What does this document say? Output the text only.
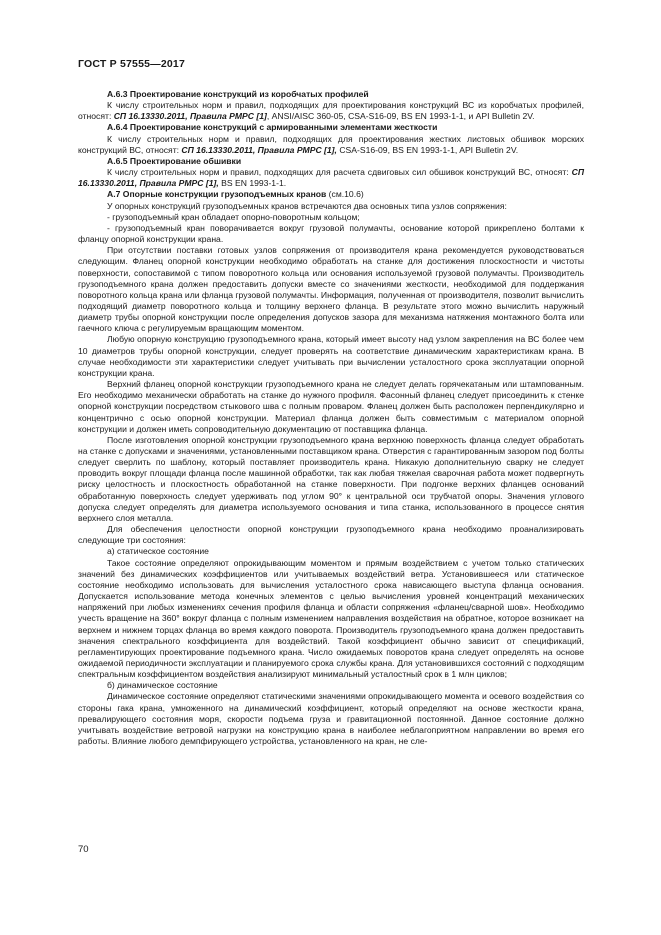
ГОСТ Р 57555—2017

А.6.3 Проектирование конструкций из коробчатых профилей

К числу строительных норм и правил, подходящих для проектирования конструкций ВС из коробчатых профилей, относят: СП 16.13330.2011, Правила РМРС [1], ANSI/AISC 360-05, CSA-S16-09, BS EN 1993-1-1, и API Bulletin 2V.

А.6.4 Проектирование конструкций с армированными элементами жесткости

К числу строительных норм и правил, подходящих для проектирования жестких листовых обшивок морских конструкций ВС, относят: СП 16.13330.2011, Правила РМРС [1], CSA-S16-09, BS EN 1993-1-1, API Bulletin 2V.

А.6.5 Проектирование обшивки

К числу строительных норм и правил, подходящих для расчета сдвиговых сил обшивок конструкций ВС, относят: СП 16.13330.2011, Правила РМРС [1], BS EN 1993-1-1.

А.7 Опорные конструкции грузоподъемных кранов (см.10.6)

У опорных конструкций грузоподъемных кранов встречаются два основных типа узлов сопряжения:

- грузоподъемный кран обладает опорно-поворотным кольцом;

- грузоподъемный кран поворачивается вокруг грузовой полумачты, основание которой прикреплено болтами к фланцу опорной конструкции крана.

При отсутствии поставки готовых узлов сопряжения от производителя крана рекомендуется руководствоваться следующим. Фланец опорной конструкции необходимо обработать на станке для достижения плоскостности и чистоты поверхности, сопоставимой с типом поворотного кольца или основания используемой грузовой полумачты. Производитель грузоподъемного крана должен предоставить допуски вместе со значениями жесткости, необходимой для поддержания поворотного кольца крана или фланца грузовой полумачты. Информация, полученная от производителя, позволит вычислить подходящий диаметр поворотного кольца и толщину верхнего фланца. В результате этого можно вычислить наружный диаметр трубы опорной конструкции после определения допусков зазора для механизма натяжения монтажного болта или гаечного ключа с регулируемым вращающим моментом.

Любую опорную конструкцию грузоподъемного крана, который имеет высоту над узлом закрепления на ВС более чем 10 диаметров трубы опорной конструкции, следует проверять на соответствие динамическим характеристикам крана. В случае необходимости эти характеристики следует учитывать при вычислении усталостного срока эксплуатации опорной конструкции крана.

Верхний фланец опорной конструкции грузоподъемного крана не следует делать горячекатаным или штампованным. Его необходимо механически обработать на станке до нужного профиля. Фасонный фланец следует присоединить к стенке опорной конструкции посредством стыкового шва с полным проваром. Фланец должен быть расположен перпендикулярно и концентрично с осью опорной конструкции. Материал фланца должен быть совместимым с материалом опорной конструкции и должен иметь сопроводительную документацию от поставщика фланца.

После изготовления опорной конструкции грузоподъемного крана верхнюю поверхность фланца следует обработать на станке с допусками и значениями, установленными поставщиком крана. Отверстия с гарантированным зазором под болты следует сверлить по шаблону, который поставляет производитель крана. Никакую дополнительную сварку не следует проводить вокруг площади фланца после машинной обработки, так как любая тяжелая сварочная работа может подвергнуть риску целостность и плоскостность обработанной на станке поверхности. При подгонке верхних фланцев оснований обработанную поверхность следует удерживать под углом 90° к центральной оси трубчатой опоры. Значения углового допуска следует определять для диаметра используемого основания и типа станка, использованного в процессе снятия верхнего слоя металла.

Для обеспечения целостности опорной конструкции грузоподъемного крана необходимо проанализировать следующие три состояния:

а) статическое состояние

Такое состояние определяют опрокидывающим моментом и прямым воздействием с учетом только статических значений без динамических коэффициентов или учитываемых воздействий ветра. Установившееся или статическое состояние необходимо использовать для вычисления усталостного срока нависающего выступа фланца основания. Допускается использование метода конечных элементов с целью вычисления уровней концентраций механических напряжений при любых изменениях сечения профиля фланца и области сопряжения «фланец/сварной шов». Необходимо учесть вращение на 360° вокруг фланца с полным изменением направления воздействия на обратное, которое возникает на верхнем и нижнем торцах фланца во время каждого поворота. Производитель грузоподъемного крана должен предоставить значения спектрального коэффициента для воздействий. Такой коэффициент обычно зависит от спецификаций, регламентирующих проектирование подъемного крана. Число ожидаемых поворотов крана следует определять на основе ожидаемой периодичности эксплуатации и планируемого срока службы крана. Для установившихся состояний с подходящим спектральным коэффициентом воздействия анализируют минимальный усталостный срок в 1 млн циклов;

б) динамическое состояние

Динамическое состояние определяют статическими значениями опрокидывающего момента и осевого воздействия со стороны гака крана, умноженного на динамический коэффициент, который определяют на основе жесткости крана, превалирующего состояния моря, скорости подъема груза и гравитационной постоянной. Данное состояние должно учитывать воздействие ветровой нагрузки на конструкцию крана в наиболее неблагоприятном направлении во время его работы. Влияние любого демпфирующего устройства, установленного на кран, не сле-

70
